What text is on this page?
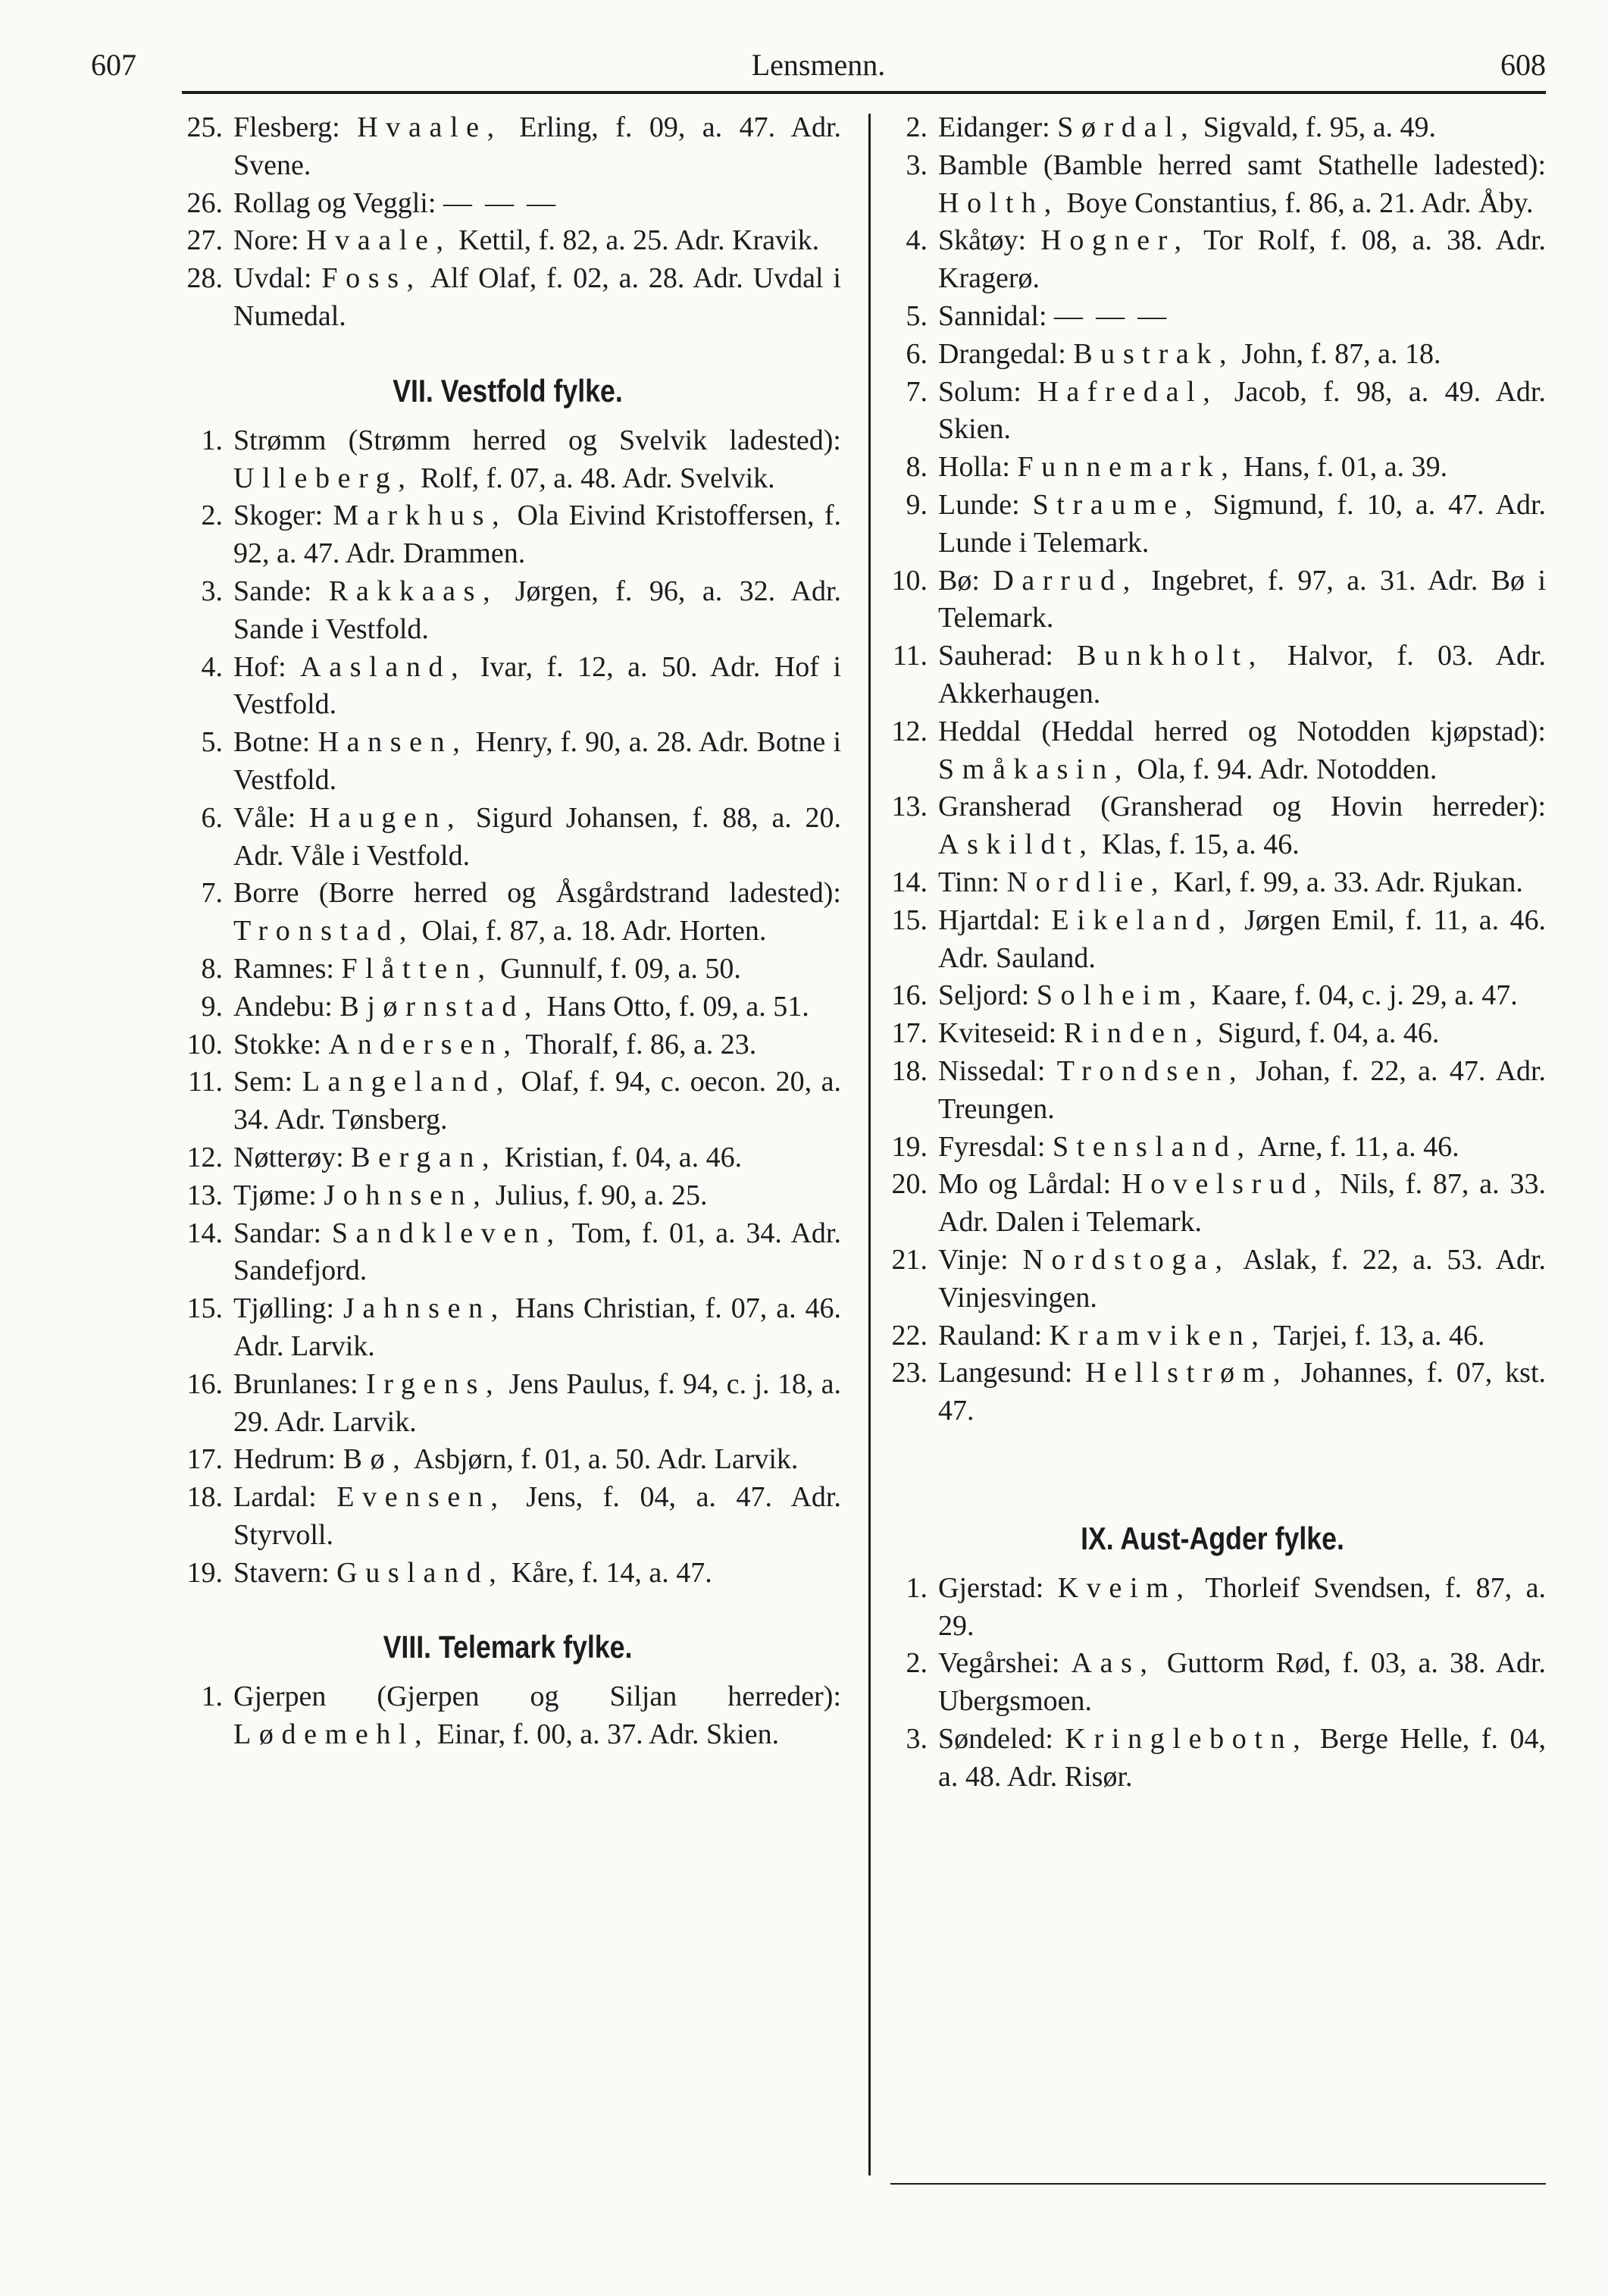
607	Lensmenn.	608
25. Flesberg: Hvaale, Erling, f. 09, a. 47. Adr. Svene.
26. Rollag og Veggli: — — —
27. Nore: Hvaale, Kettil, f. 82, a. 25. Adr. Kravik.
28. Uvdal: Foss, Alf Olaf, f. 02, a. 28. Adr. Uvdal i Numedal.
VII. Vestfold fylke.
1. Strømm (Strømm herred og Svelvik ladested): Ulleberg, Rolf, f. 07, a. 48. Adr. Svelvik.
2. Skoger: Markhus, Ola Eivind Kristoffersen, f. 92, a. 47. Adr. Drammen.
3. Sande: Rakkaas, Jørgen, f. 96, a. 32. Adr. Sande i Vestfold.
4. Hof: Aasland, Ivar, f. 12, a. 50. Adr. Hof i Vestfold.
5. Botne: Hansen, Henry, f. 90, a. 28. Adr. Botne i Vestfold.
6. Våle: Haugen, Sigurd Johansen, f. 88, a. 20. Adr. Våle i Vestfold.
7. Borre (Borre herred og Åsgårdstrand ladested): Tronstad, Olai, f. 87, a. 18. Adr. Horten.
8. Ramnes: Flåtten, Gunnulf, f. 09, a. 50.
9. Andebu: Bjørnstad, Hans Otto, f. 09, a. 51.
10. Stokke: Andersen, Thoralf, f. 86, a. 23.
11. Sem: Langeland, Olaf, f. 94, c. oecon. 20, a. 34. Adr. Tønsberg.
12. Nøtterøy: Bergan, Kristian, f. 04, a. 46.
13. Tjøme: Johnsen, Julius, f. 90, a. 25.
14. Sandar: Sandkleven, Tom, f. 01, a. 34. Adr. Sandefjord.
15. Tjølling: Jahnsen, Hans Christian, f. 07, a. 46. Adr. Larvik.
16. Brunlanes: Irgens, Jens Paulus, f. 94, c. j. 18, a. 29. Adr. Larvik.
17. Hedrum: Bø, Asbjørn, f. 01, a. 50. Adr. Larvik.
18. Lardal: Evensen, Jens, f. 04, a. 47. Adr. Styrvoll.
19. Stavern: Gusland, Kåre, f. 14, a. 47.
VIII. Telemark fylke.
1. Gjerpen (Gjerpen og Siljan herreder): Lødemehl, Einar, f. 00, a. 37. Adr. Skien.
2. Eidanger: Sørdal, Sigvald, f. 95, a. 49.
3. Bamble (Bamble herred samt Stathelle ladested): Holth, Boye Constantius, f. 86, a. 21. Adr. Åby.
4. Skåtøy: Hogner, Tor Rolf, f. 08, a. 38. Adr. Kragerø.
5. Sannidal: — — —
6. Drangedal: Bustrak, John, f. 87, a. 18.
7. Solum: Hafredal, Jacob, f. 98, a. 49. Adr. Skien.
8. Holla: Funnemark, Hans, f. 01, a. 39.
9. Lunde: Straume, Sigmund, f. 10, a. 47. Adr. Lunde i Telemark.
10. Bø: Darrud, Ingebret, f. 97, a. 31. Adr. Bø i Telemark.
11. Sauherad: Bunkholt, Halvor, f. 03. Adr. Akkerhaugen.
12. Heddal (Heddal herred og Notodden kjøpstad): Småkasin, Ola, f. 94. Adr. Notodden.
13. Gransherad (Gransherad og Hovin herreder): Askildt, Klas, f. 15, a. 46.
14. Tinn: Nordlie, Karl, f. 99, a. 33. Adr. Rjukan.
15. Hjartdal: Eikeland, Jørgen Emil, f. 11, a. 46. Adr. Sauland.
16. Seljord: Solheim, Kaare, f. 04, c. j. 29, a. 47.
17. Kviteseid: Rinden, Sigurd, f. 04, a. 46.
18. Nissedal: Trondsen, Johan, f. 22, a. 47. Adr. Treungen.
19. Fyresdal: Stensland, Arne, f. 11, a. 46.
20. Mo og Lårdal: Hovelsrud, Nils, f. 87, a. 33. Adr. Dalen i Telemark.
21. Vinje: Nordstoga, Aslak, f. 22, a. 53. Adr. Vinjesvingen.
22. Rauland: Kramviken, Tarjei, f. 13, a. 46.
23. Langesund: Hellstrøm, Johannes, f. 07, kst. 47.
IX. Aust-Agder fylke.
1. Gjerstad: Kveim, Thorleif Svendsen, f. 87, a. 29.
2. Vegårshei: Aas, Guttorm Rød, f. 03, a. 38. Adr. Ubergsmoen.
3. Søndeled: Kringlebotn, Berge Helle, f. 04, a. 48. Adr. Risør.
